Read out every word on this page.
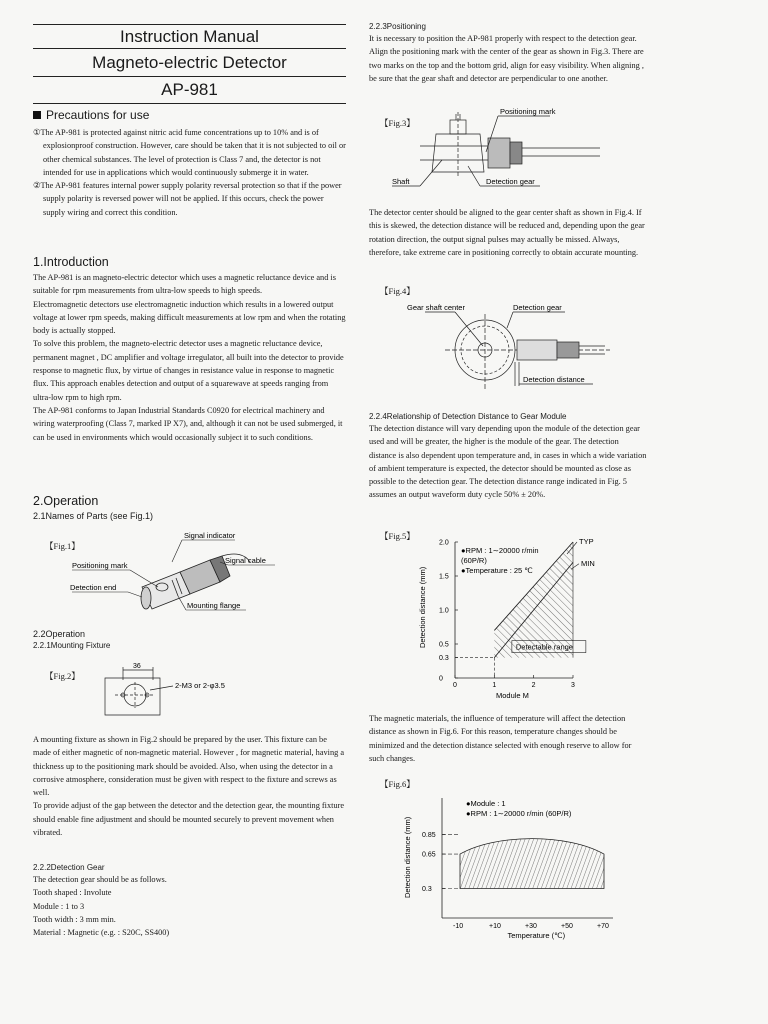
Instruction Manual
Magneto-electric Detector
AP-981
Precautions for use

①The AP-981 is protected against nitric acid fume concentrations up to 10% and is of explosionproof construction. However, care should be taken that it is not subjected to oil or other chemical substances. The level of protection is Class 7 and, the detector is not intended for use in applications which would continuously submerge it in water.

②The AP-981 features internal power supply polarity reversal protection so that if the power supply polarity is reversed power will not be applied. If this occurs, check the power supply wiring and correct this condition.

1.Introduction

The AP-981 is an magneto-electric detector which uses a magnetic reluctance device and is suitable for rpm measurements from ultra-low speeds to high speeds.

Electromagnetic detectors use electromagnetic induction which results in a lowered output voltage at lower rpm speeds, making difficult measurements at low rpm and when the rotating body is actually stopped.

To solve this problem, the magneto-electric detector uses a magnetic reluctance device, permanent magnet , DC amplifier and voltage irregulator, all built into the detector to provide response to magnetic flux, by virtue of changes in resistance value in response to magnetic flux. This approach enables detection and output of a squarewave at speeds ranging from ultra-low rpm to high rpm.

The AP-981 conforms to Japan Industrial Standards C0920 for electrical machinery and wiring waterproofing (Class 7, marked IP X7), and, although it can not be used submerged, it can be used in environments which would occasionally subject it to such conditions.

2.Operation
2.1Names of Parts (see Fig.1)
【Fig.1】
Signal indicator
Positioning mark
Signal cable
Detection end
Mounting flange
2.2Operation
2.2.1Mounting Fixture
【Fig.2】
36
2-M3 or 2-φ3.5

A mounting fixture as shown in Fig.2 should be prepared by the user. This fixture can be made of either magnetic of non-magnetic material. However , for magnetic material, having a thickness up to the positioning mark should be avoided. Also, when using the detector in a corrosive atmosphere, consideration must be given with respect to the fixture and screws as well.

To provide adjust of the gap between the detector and the detection gear, the mounting fixture should enable fine adjustment and should be mounted securely to prevent movement when vibrated.

2.2.2Detection Gear

The detection gear should be as follows.

Tooth shaped : Involute

Module : 1 to 3

Tooth width : 3 mm min.

Material : Magnetic (e.g. : S20C, SS400)

2.2.3Positioning

It is necessary to position the AP-981 properly with respect to the detection gear. Align the positioning mark with the center of the gear as shown in Fig.3. There are two marks on the top and the bottom grid, align for easy visibility. When aligning , be sure that the gear shaft and detector are perpendicular to one another.

【Fig.3】
Positioning mark
Shaft	Detection gear

The detector center should be aligned to the gear center shaft as shown in Fig.4. If this is skewed, the detection distance will be reduced and, depending upon the gear rotation direction, the output signal pulses may actually be missed. Always, therefore, take extreme care in positioning correctly to obtain accurate mounting.

【Fig.4】
Gear shaft center	Detection gear
Detection distance
2.2.4Relationship of Detection Distance to Gear Module

The detection distance will vary depending upon the module of the detection gear used and will be greater, the higher is the module of the gear. The detection distance is also dependent upon temperature and, in cases in which a wide variation of ambient temperature is expected, the detector should be mounted as close as possible to the detection gear. The detection distance range indicated in Fig. 5 assumes an output waveform duty cycle 50% ± 20%.

【Fig.5】
0	1	2	3
0
0.3
0.5
1.0
1.5
2.0
Module M
Detection distance (mm)
●RPM : 1∼20000 r/min
(60P/R)
●Temperature : 25 ℃
TYP
MIN

The magnetic materials, the influence of temperature will affect the detection distance as shown in Fig.6. For this reason, temperature changes should be minimized and the detection distance selected with enough reserve to allow for such changes.

【Fig.6】
-10	+10	+30	+50	+70
0.3
0.65
0.85
Temperature (℃)
Detection distance (mm)
●Module : 1
●RPM : 1∼20000 r/min (60P/R)
